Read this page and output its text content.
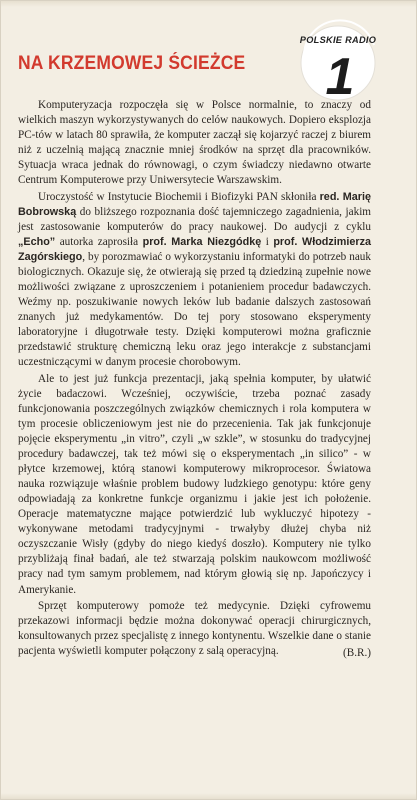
NA KRZEMOWEJ ŚCIEŻCE
POLSKIE RADIO
1

Komputeryzacja rozpoczęła się w Polsce normalnie, to znaczy od wielkich maszyn wykorzystywanych do celów naukowych. Dopiero eksplozja PC-tów w latach 80 sprawiła, że komputer zaczął się kojarzyć raczej z biurem niż z uczelnią mającą znacznie mniej środków na sprzęt dla pracowników. Sytuacja wraca jednak do równowagi, o czym świadczy niedawno otwarte Centrum Komputerowe przy Uniwersytecie Warszawskim.

Uroczystość w Instytucie Biochemii i Biofizyki PAN skłoniła red. Marię Bobrowską do bliższego rozpoznania dość tajemniczego zagadnienia, jakim jest zastosowanie komputerów do pracy naukowej. Do audycji z cyklu „Echo” autorka zaprosiła prof. Marka Niezgódkę i prof. Włodzimierza Zagórskiego, by porozmawiać o wykorzystaniu informatyki do potrzeb nauk biologicznych. Okazuje się, że otwierają się przed tą dziedziną zupełnie nowe możliwości związane z uproszczeniem i potanieniem procedur badawczych. Weźmy np. poszukiwanie nowych leków lub badanie dalszych zastosowań znanych już medykamentów. Do tej pory stosowano eksperymenty laboratoryjne i długotrwałe testy. Dzięki komputerowi można graficznie przedstawić strukturę chemiczną leku oraz jego interakcje z substancjami uczestniczącymi w danym procesie chorobowym.

Ale to jest już funkcja prezentacji, jaką spełnia komputer, by ułatwić życie badaczowi. Wcześniej, oczywiście, trzeba poznać zasady funkcjonowania poszczególnych związków chemicznych i rola komputera w tym procesie obliczeniowym jest nie do przecenienia. Tak jak funkcjonuje pojęcie eksperymentu „in vitro”, czyli „w szkle”, w stosunku do tradycyjnej procedury badawczej, tak też mówi się o eksperymentach „in silico” - w płytce krzemowej, którą stanowi komputerowy mikroprocesor. Światowa nauka rozwiązuje właśnie problem budowy ludzkiego genotypu: które geny odpowiadają za konkretne funkcje organizmu i jakie jest ich położenie. Operacje matematyczne mające potwierdzić lub wykluczyć hipotezy - wykonywane metodami tradycyjnymi - trwałyby dłużej chyba niż oczyszczanie Wisły (gdyby do niego kiedyś doszło). Komputery nie tylko przybliżają finał badań, ale też stwarzają polskim naukowcom możliwość pracy nad tym samym problemem, nad którym głowią się np. Japończycy i Amerykanie.

Sprzęt komputerowy pomoże też medycynie. Dzięki cyfrowemu przekazowi informacji będzie można dokonywać operacji chirurgicznych, konsultowanych przez specjalistę z innego kontynentu. Wszelkie dane o stanie pacjenta wyświetli komputer połączony z salą operacyjną.	(B.R.)
